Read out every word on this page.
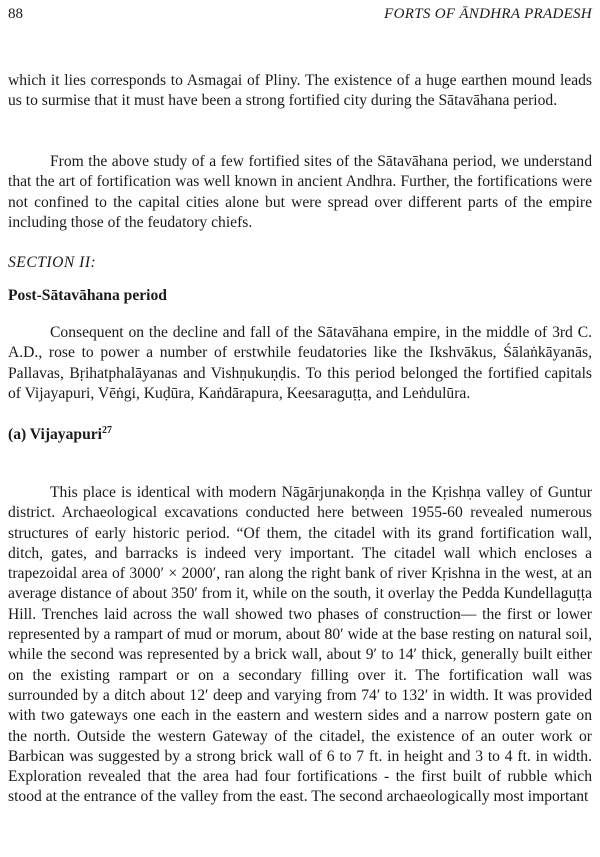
88	FORTS OF ĀNDHRA PRADESH

which it lies corresponds to Asmagai of Pliny. The existence of a huge earthen mound leads us to surmise that it must have been a strong fortified city during the Sātavāhana period.

From the above study of a few fortified sites of the Sātavāhana period, we understand that the art of fortification was well known in ancient Andhra. Further, the fortifications were not confined to the capital cities alone but were spread over different parts of the empire including those of the feudatory chiefs.

SECTION II:
Post-Sātavāhana period

Consequent on the decline and fall of the Sātavāhana empire, in the middle of 3rd C. A.D., rose to power a number of erstwhile feudatories like the Ikshvākus, Śālaṅkāyanās, Pallavas, Bṛihatphalāyanas and Vishṇukuṇḍis. To this period belonged the fortified capitals of Vijayapuri, Vēṅgi, Kuḍūra, Kaṅdārapura, Keesaraguṭṭa, and Leṅdulūra.

(a) Vijayapuri$^{27}$

This place is identical with modern Nāgārjunakoṇḍa in the Kṛishṇa valley of Guntur district. Archaeological excavations conducted here between 1955-60 revealed numerous structures of early historic period. “Of them, the citadel with its grand fortification wall, ditch, gates, and barracks is indeed very important. The citadel wall which encloses a trapezoidal area of 3000′ × 2000′, ran along the right bank of river Kṛishna in the west, at an average distance of about 350′ from it, while on the south, it overlay the Pedda Kundellaguṭṭa Hill. Trenches laid across the wall showed two phases of construction— the first or lower represented by a rampart of mud or morum, about 80′ wide at the base resting on natural soil, while the second was represented by a brick wall, about 9′ to 14′ thick, generally built either on the existing rampart or on a secondary filling over it. The fortification wall was surrounded by a ditch about 12′ deep and varying from 74′ to 132′ in width. It was provided with two gateways one each in the eastern and western sides and a narrow postern gate on the north. Outside the western Gateway of the citadel, the existence of an outer work or Barbican was suggested by a strong brick wall of 6 to 7 ft. in height and 3 to 4 ft. in width. Exploration revealed that the area had four fortifications - the first built of rubble which stood at the entrance of the valley from the east. The second archaeologically most important
